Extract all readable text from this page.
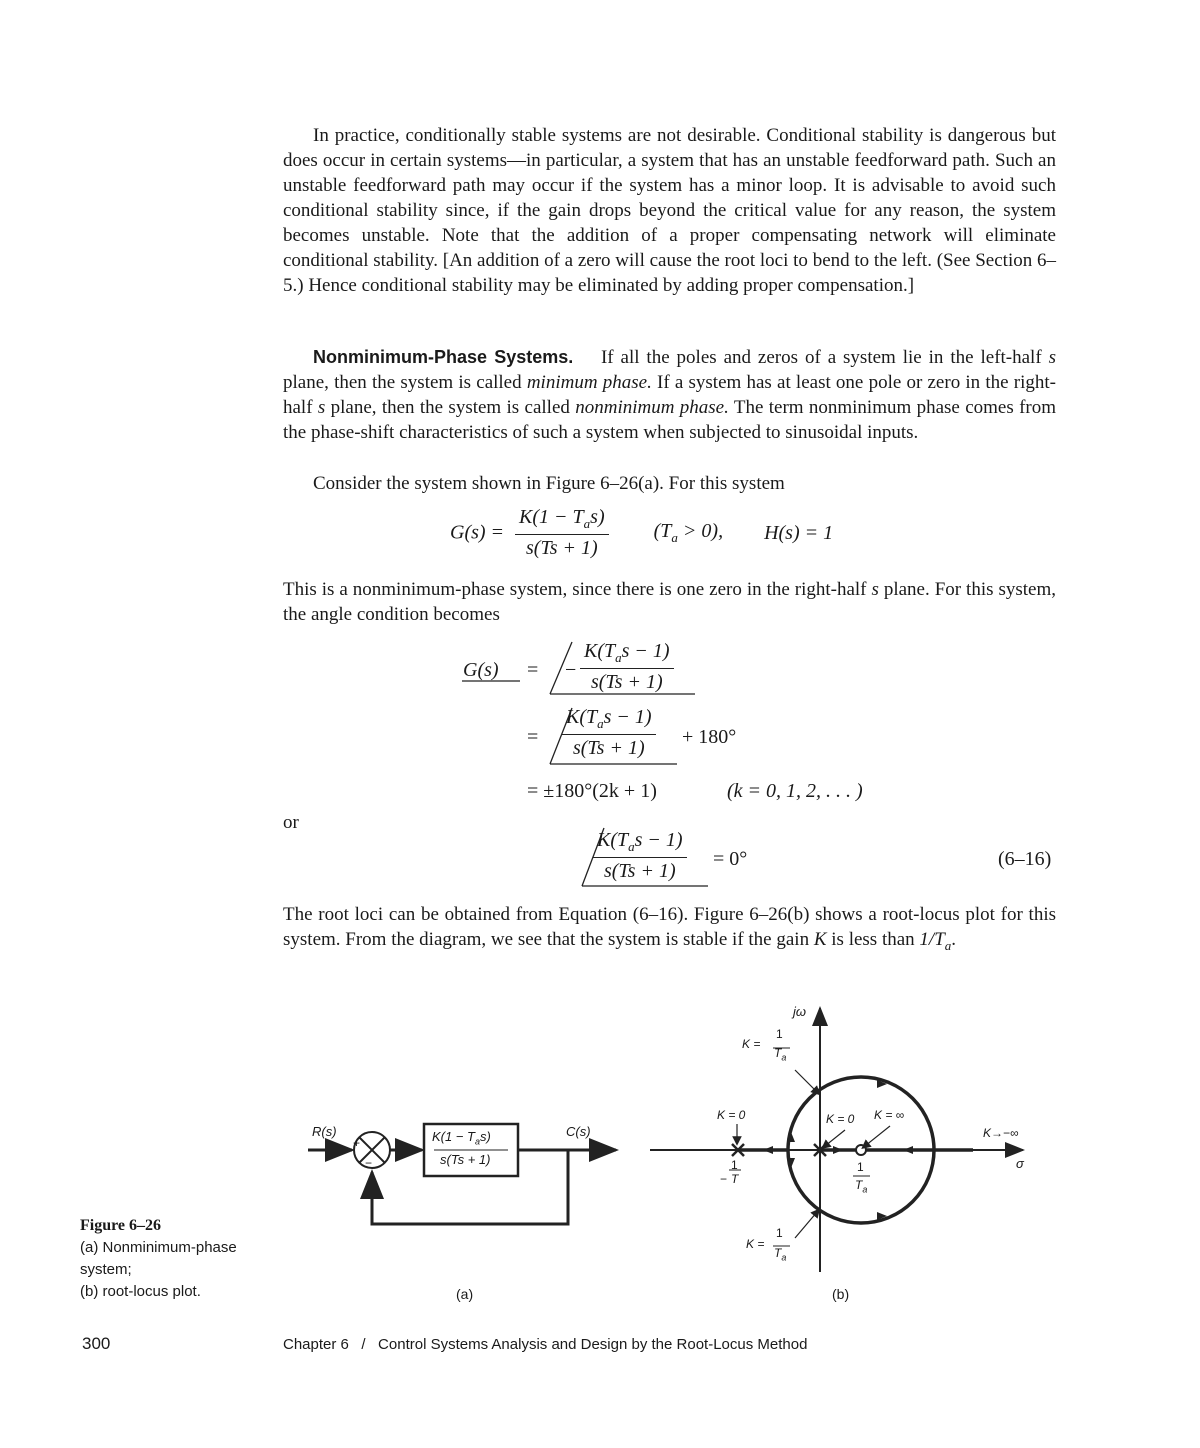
In practice, conditionally stable systems are not desirable. Conditional stability is dangerous but does occur in certain systems—in particular, a system that has an unstable feedforward path. Such an unstable feedforward path may occur if the system has a minor loop. It is advisable to avoid such conditional stability since, if the gain drops beyond the critical value for any reason, the system becomes unstable. Note that the addition of a proper compensating network will eliminate conditional stability. [An addition of a zero will cause the root loci to bend to the left. (See Section 6–5.) Hence conditional stability may be eliminated by adding proper compensation.]

Nonminimum-Phase Systems. If all the poles and zeros of a system lie in the left-half s plane, then the system is called minimum phase. If a system has at least one pole or zero in the right-half s plane, then the system is called nonminimum phase. The term nonminimum phase comes from the phase-shift characteristics of such a system when subjected to sinusoidal inputs.

Consider the system shown in Figure 6–26(a). For this system

$G(s) = \frac{K(1 - T_as)}{s(Ts + 1)} (T_a > 0)$, H(s) = 1

This is a nonminimum-phase system, since there is one zero in the right-half s plane. For this system, the angle condition becomes

G(s) = − $\frac{K(T_as - 1)}{s(Ts + 1)}$
= $\frac{K(T_as - 1)}{s(Ts + 1)} + 180^\circ$
= ±180°(2k + 1)	(k = 0, 1, 2, . . . )
or
$\frac{K(T_as - 1)}{s(Ts + 1)} = 0^\circ$	(6–16)

The root loci can be obtained from Equation (6–16). Figure 6–26(b) shows a root-locus plot for this system. From the diagram, we see that the system is stable if the gain K is less than $1/T_a$.

R(s)	C(s)
+
−
$K(1 - T_as)$
s(Ts + 1)
(a)
jω
σ
K =
1
$T_a$
K =
1
$T_a$
K = 0	K = 0 K = ∞
K→−∞
−
1
T
1
$T_a$
(b)
Figure 6–26
(a) Nonminimum-phase system;
(b) root-locus plot.
300	Chapter 6   /   Control Systems Analysis and Design by the Root-Locus Method
